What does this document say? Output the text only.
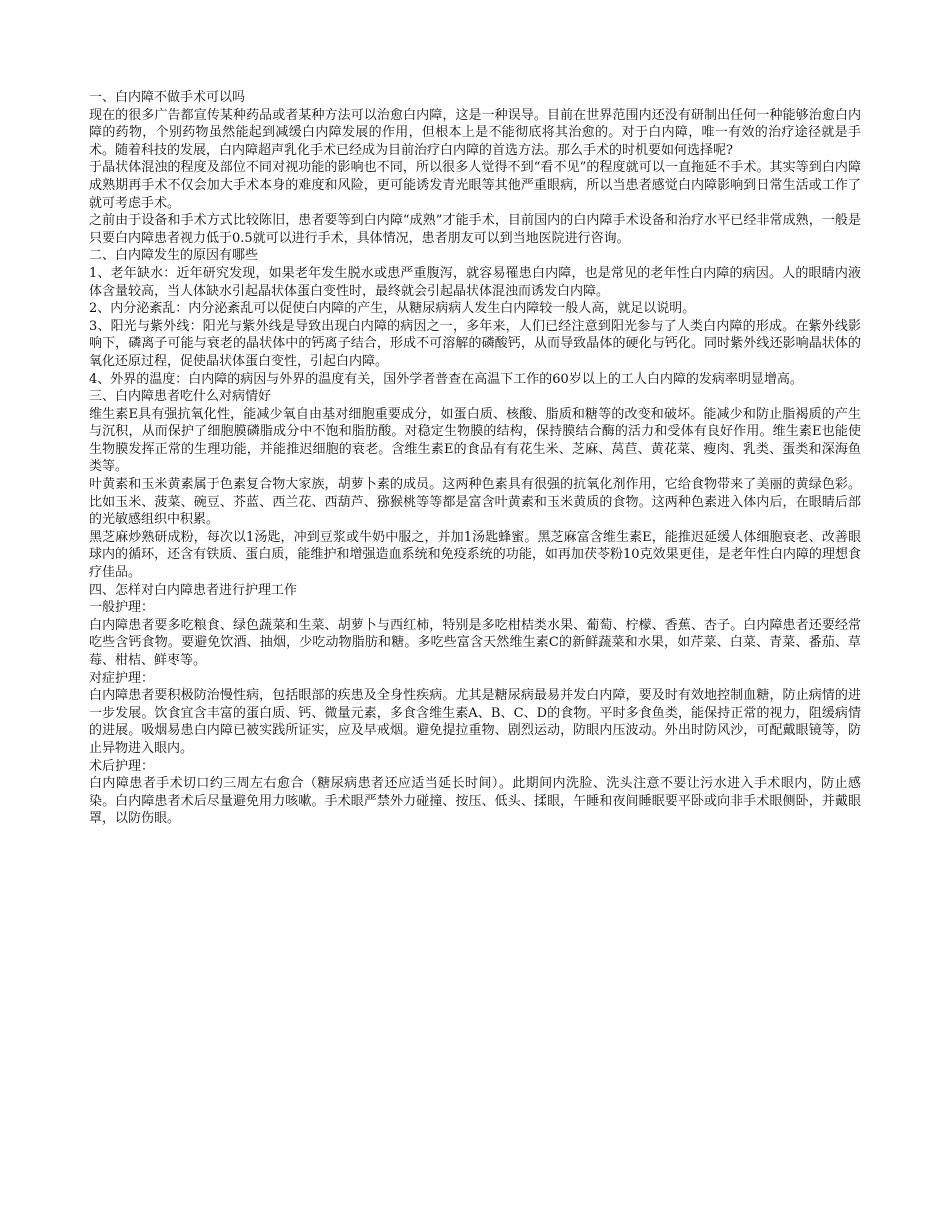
一、白内障不做手术可以吗

现在的很多广告都宣传某种药品或者某种方法可以治愈白内障，这是一种误导。目前在世界范围内还没有研制出任何一种能够治愈白内障的药物，个别药物虽然能起到减缓白内障发展的作用，但根本上是不能彻底将其治愈的。对于白内障，唯一有效的治疗途径就是手术。随着科技的发展，白内障超声乳化手术已经成为目前治疗白内障的首选方法。那么手术的时机要如何选择呢?

于晶状体混浊的程度及部位不同对视功能的影响也不同，所以很多人觉得不到“看不见”的程度就可以一直拖延不手术。其实等到白内障成熟期再手术不仅会加大手术本身的难度和风险，更可能诱发青光眼等其他严重眼病，所以当患者感觉白内障影响到日常生活或工作了就可考虑手术。

之前由于设备和手术方式比较陈旧，患者要等到白内障“成熟”才能手术，目前国内的白内障手术设备和治疗水平已经非常成熟，一般是只要白内障患者视力低于0.5就可以进行手术，具体情况，患者朋友可以到当地医院进行咨询。

二、白内障发生的原因有哪些

1、老年缺水：近年研究发现，如果老年发生脱水或患严重腹泻，就容易罹患白内障，也是常见的老年性白内障的病因。人的眼睛内液体含量较高，当人体缺水引起晶状体蛋白变性时，最终就会引起晶状体混浊而诱发白内障。

2、内分泌紊乱：内分泌紊乱可以促使白内障的产生，从糖尿病病人发生白内障较一般人高，就足以说明。

3、阳光与紫外线：阳光与紫外线是导致出现白内障的病因之一，多年来，人们已经注意到阳光参与了人类白内障的形成。在紫外线影响下，磷离子可能与衰老的晶状体中的钙离子结合，形成不可溶解的磷酸钙，从而导致晶体的硬化与钙化。同时紫外线还影响晶状体的氧化还原过程，促使晶状体蛋白变性，引起白内障。

4、外界的温度：白内障的病因与外界的温度有关，国外学者普查在高温下工作的60岁以上的工人白内障的发病率明显增高。

三、白内障患者吃什么对病情好

维生素E具有强抗氧化性，能减少氧自由基对细胞重要成分，如蛋白质、核酸、脂质和糖等的改变和破坏。能减少和防止脂褐质的产生与沉积，从而保护了细胞膜磷脂成分中不饱和脂肪酸。对稳定生物膜的结构，保持膜结合酶的活力和受体有良好作用。维生素E也能使生物膜发挥正常的生理功能，并能推迟细胞的衰老。含维生素E的食品有有花生米、芝麻、莴苣、黄花菜、瘦肉、乳类、蛋类和深海鱼类等。

叶黄素和玉米黄素属于色素复合物大家族，胡萝卜素的成员。这两种色素具有很强的抗氧化剂作用，它给食物带来了美丽的黄绿色彩。比如玉米、菠菜、碗豆、芥蓝、西兰花、西葫芦、猕猴桃等等都是富含叶黄素和玉米黄质的食物。这两种色素进入体内后，在眼睛后部的光敏感组织中积累。

黑芝麻炒熟研成粉，每次以1汤匙，冲到豆浆或牛奶中服之，并加1汤匙蜂蜜。黑芝麻富含维生素E，能推迟延缓人体细胞衰老、改善眼球内的循环，还含有铁质、蛋白质，能维护和增强造血系统和免疫系统的功能，如再加茯苓粉10克效果更佳，是老年性白内障的理想食疗佳品。

四、怎样对白内障患者进行护理工作

一般护理：

白内障患者要多吃粮食、绿色蔬菜和生菜、胡萝卜与西红柿，特别是多吃柑桔类水果、葡萄、柠檬、香蕉、杏子。白内障患者还要经常吃些含钙食物。要避免饮酒、抽烟，少吃动物脂肪和糖。多吃些富含天然维生素C的新鲜蔬菜和水果，如芹菜、白菜、青菜、番茄、草莓、柑桔、鲜枣等。

对症护理：

白内障患者要积极防治慢性病，包括眼部的疾患及全身性疾病。尤其是糖尿病最易并发白内障，要及时有效地控制血糖，防止病情的进一步发展。饮食宜含丰富的蛋白质、钙、微量元素，多食含维生素A、B、C、D的食物。平时多食鱼类，能保持正常的视力，阻缓病情的进展。吸烟易患白内障已被实践所证实，应及早戒烟。避免提拉重物、剧烈运动，防眼内压波动。外出时防风沙，可配戴眼镜等，防止异物进入眼内。

术后护理：

白内障患者手术切口约三周左右愈合（糖尿病患者还应适当延长时间）。此期间内洗脸、洗头注意不要让污水进入手术眼内，防止感染。白内障患者术后尽量避免用力咳嗽。手术眼严禁外力碰撞、按压、低头、揉眼，午睡和夜间睡眠要平卧或向非手术眼侧卧，并戴眼罩，以防伤眼。
